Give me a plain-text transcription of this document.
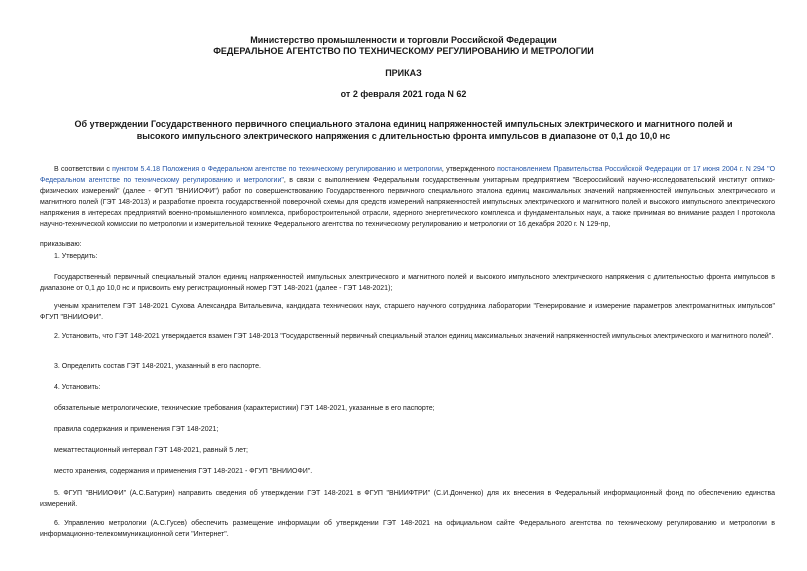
Министерство промышленности и торговли Российской Федерации
ФЕДЕРАЛЬНОЕ АГЕНТСТВО ПО ТЕХНИЧЕСКОМУ РЕГУЛИРОВАНИЮ И МЕТРОЛОГИИ
ПРИКАЗ
от 2 февраля 2021 года N 62
Об утверждении Государственного первичного специального эталона единиц напряженностей импульсных электрического и магнитного полей и высокого импульсного электрического напряжения с длительностью фронта импульсов в диапазоне от 0,1 до 10,0 нс
В соответствии с пунктом 5.4.18 Положения о Федеральном агентстве по техническому регулированию и метрологии, утвержденного постановлением Правительства Российской Федерации от 17 июня 2004 г. N 294 "О Федеральном агентстве по техническому регулированию и метрологии", в связи с выполнением Федеральным государственным унитарным предприятием "Всероссийский научно-исследовательский институт оптико-физических измерений" (далее - ФГУП "ВНИИОФИ") работ по совершенствованию Государственного первичного специального эталона единиц максимальных значений напряженностей импульсных электрического и магнитного полей (ГЭТ 148-2013) и разработке проекта государственной поверочной схемы для средств измерений напряженностей импульсных электрического и магнитного полей и высокого импульсного электрического напряжения в интересах предприятий военно-промышленного комплекса, приборостроительной отрасли, ядерного энергетического комплекса и фундаментальных наук, а также принимая во внимание раздел I протокола научно-технической комиссии по метрологии и измерительной технике Федерального агентства по техническому регулированию и метрологии от 16 декабря 2020 г. N 129-пр,
приказываю:
1. Утвердить:
Государственный первичный специальный эталон единиц напряженностей импульсных электрического и магнитного полей и высокого импульсного электрического напряжения с длительностью фронта импульсов в диапазоне от 0,1 до 10,0 нс и присвоить ему регистрационный номер ГЭТ 148-2021 (далее - ГЭТ 148-2021);
ученым хранителем ГЭТ 148-2021 Сухова Александра Витальевича, кандидата технических наук, старшего научного сотрудника лаборатории "Генерирование и измерение параметров электромагнитных импульсов" ФГУП "ВНИИОФИ".
2. Установить, что ГЭТ 148-2021 утверждается взамен ГЭТ 148-2013 "Государственный первичный специальный эталон единиц максимальных значений напряженностей импульсных электрического и магнитного полей".
3. Определить состав ГЭТ 148-2021, указанный в его паспорте.
4. Установить:
обязательные метрологические, технические требования (характеристики) ГЭТ 148-2021, указанные в его паспорте;
правила содержания и применения ГЭТ 148-2021;
межаттестационный интервал ГЭТ 148-2021, равный 5 лет;
место хранения, содержания и применения ГЭТ 148-2021 - ФГУП "ВНИИОФИ".
5. ФГУП "ВНИИОФИ" (А.С.Батурин) направить сведения об утверждении ГЭТ 148-2021 в ФГУП "ВНИИФТРИ" (С.И.Донченко) для их внесения в Федеральный информационный фонд по обеспечению единства измерений.
6. Управлению метрологии (А.С.Гусев) обеспечить размещение информации об утверждении ГЭТ 148-2021 на официальном сайте Федерального агентства по техническому регулированию и метрологии в информационно-телекоммуникационной сети "Интернет".
